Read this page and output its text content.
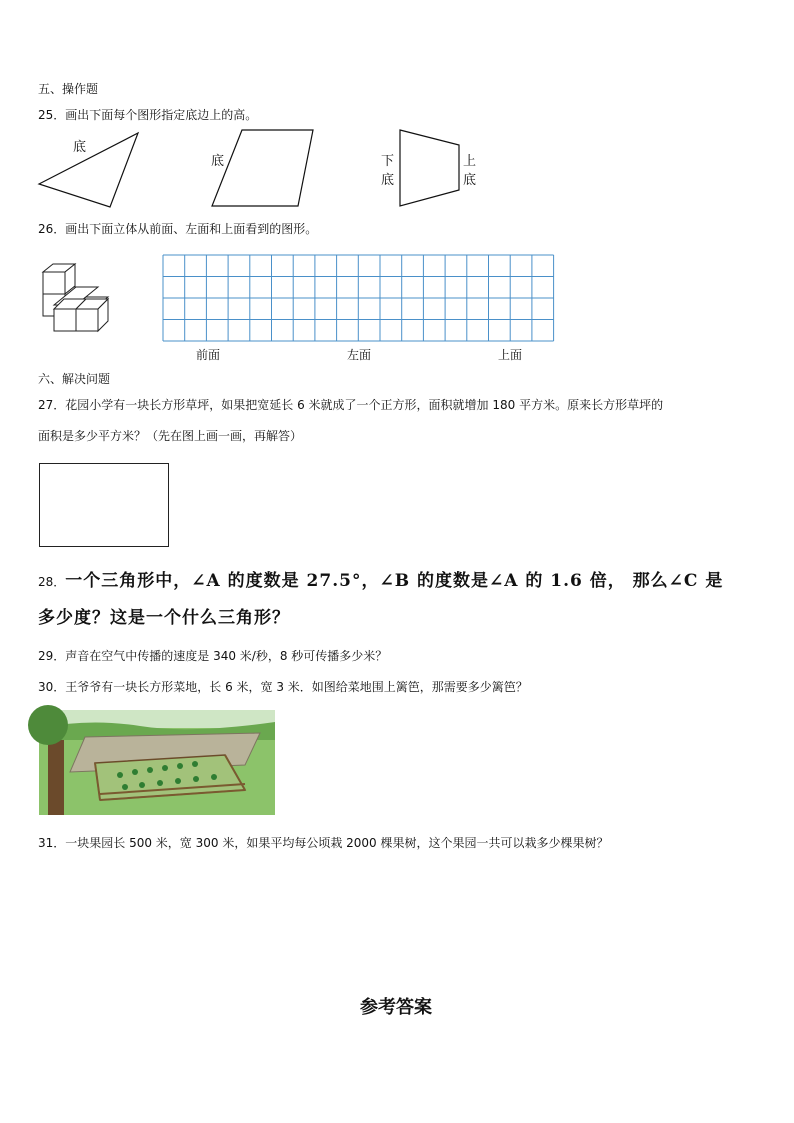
五、操作题
25．画出下面每个图形指定底边上的高。
底
底	下
底
上
底
26．画出下面立体从前面、左面和上面看到的图形。
前面	左面	上面
六、解决问题
27．花园小学有一块长方形草坪，如果把宽延长 6 米就成了一个正方形，面积就增加 180 平方米。原来长方形草坪的
面积是多少平方米？（先在图上画一画，再解答）
28．一个三角形中，∠A 的度数是 27.5°，∠B 的度数是∠A 的 1.6 倍， 那么∠C 是
多少度？这是一个什么三角形？
29．声音在空气中传播的速度是 340 米/秒，8 秒可传播多少米？
30．王爷爷有一块长方形菜地，长 6 米，宽 3 米．如图给菜地围上篱笆，那需要多少篱笆？
31．一块果园长 500 米，宽 300 米，如果平均每公顷栽 2000 棵果树，这个果园一共可以栽多少棵果树？
参考答案
